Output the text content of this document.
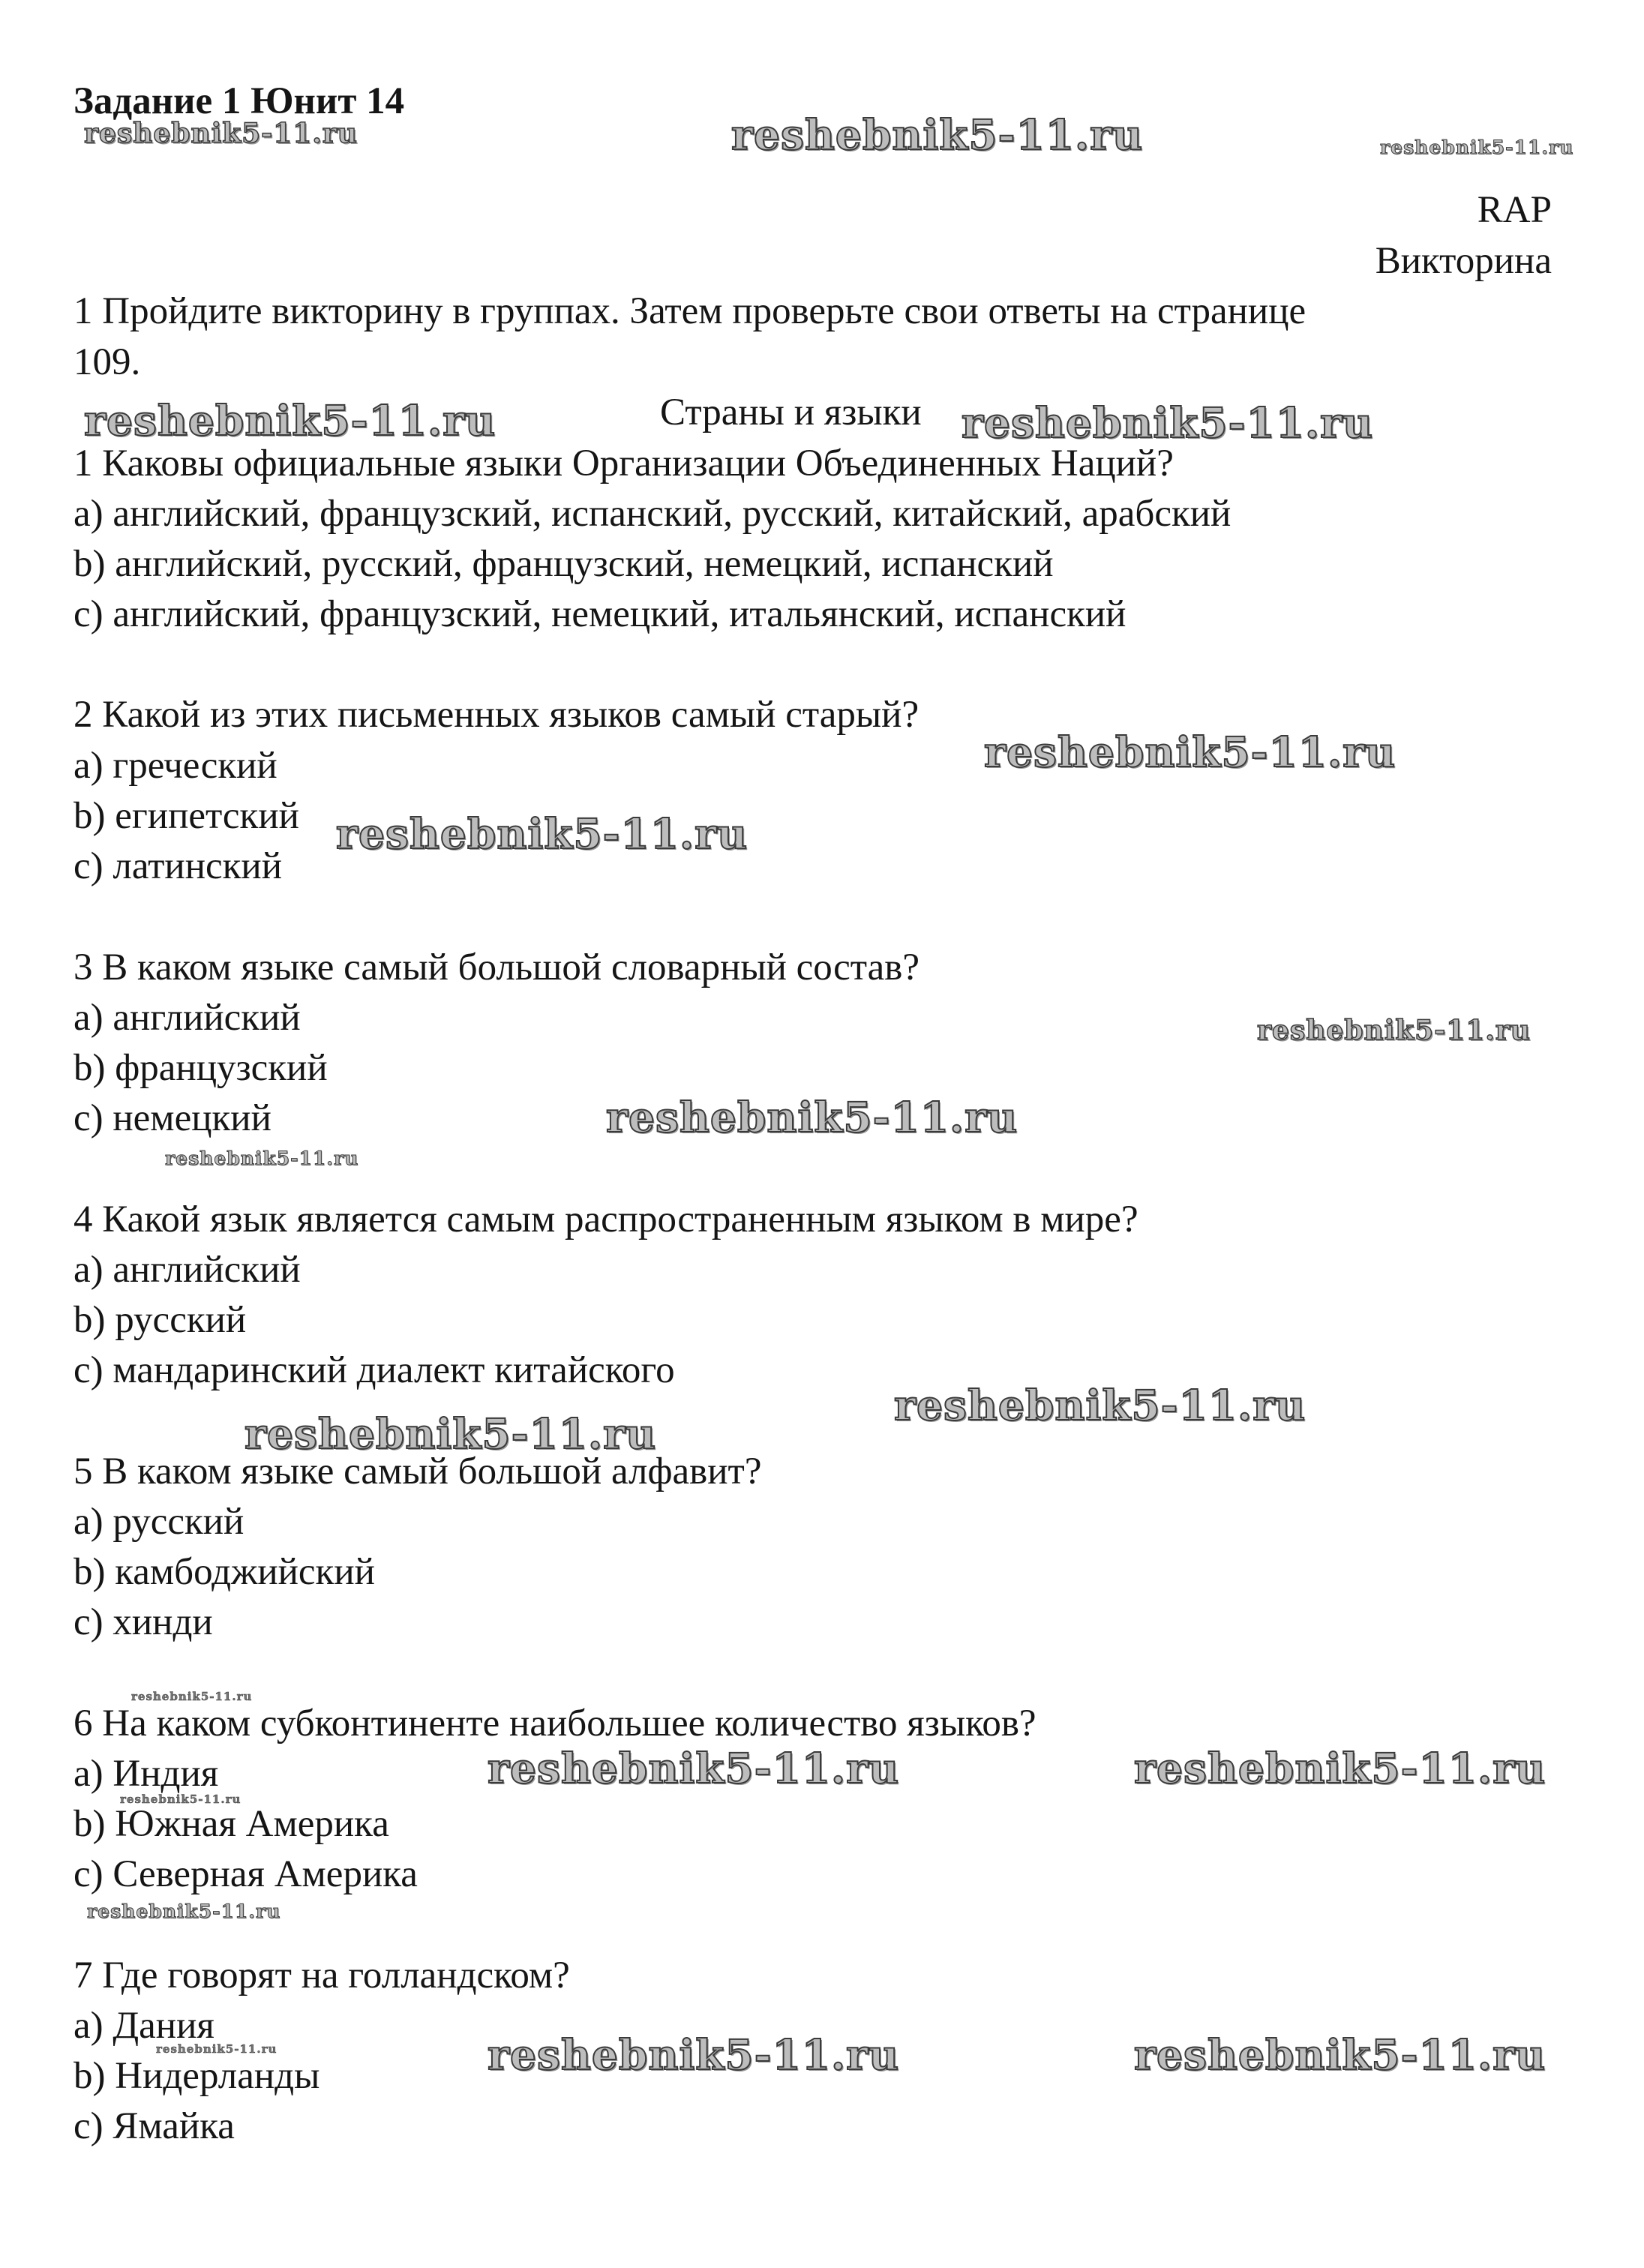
Задание 1 Юнит 14
RAP
Викторина
1 Пройдите викторину в группах. Затем проверьте свои ответы на странице
109.
Страны и языки
1 Каковы официальные языки Организации Объединенных Наций?
a) английский, французский, испанский, русский, китайский, арабский
b) английский, русский, французский, немецкий, испанский
c) английский, французский, немецкий, итальянский, испанский
2 Какой из этих письменных языков самый старый?
a) греческий
b) египетский
c) латинский
3 В каком языке самый большой словарный состав?
a) английский
b) французский
c) немецкий
4 Какой язык является самым распространенным языком в мире?
a) английский
b) русский
c) мандаринский диалект китайского
5 В каком языке самый большой алфавит?
a) русский
b) камбоджийский
c) хинди
6 На каком субконтиненте наибольшее количество языков?
a) Индия
b) Южная Америка
c) Северная Америка
7 Где говорят на голландском?
a) Дания
b) Нидерланды
c) Ямайка
reshebnik5-11.ru	reshebnik5-11.ru	reshebnik5-11.ru
reshebnik5-11.ru	reshebnik5-11.ru
reshebnik5-11.ru
reshebnik5-11.ru
reshebnik5-11.ru
reshebnik5-11.ru
reshebnik5-11.ru
reshebnik5-11.ru
reshebnik5-11.ru
reshebnik5-11.ru
reshebnik5-11.ru	reshebnik5-11.ru
reshebnik5-11.ru
reshebnik5-11.ru
reshebnik5-11.ru	reshebnik5-11.ru	reshebnik5-11.ru
